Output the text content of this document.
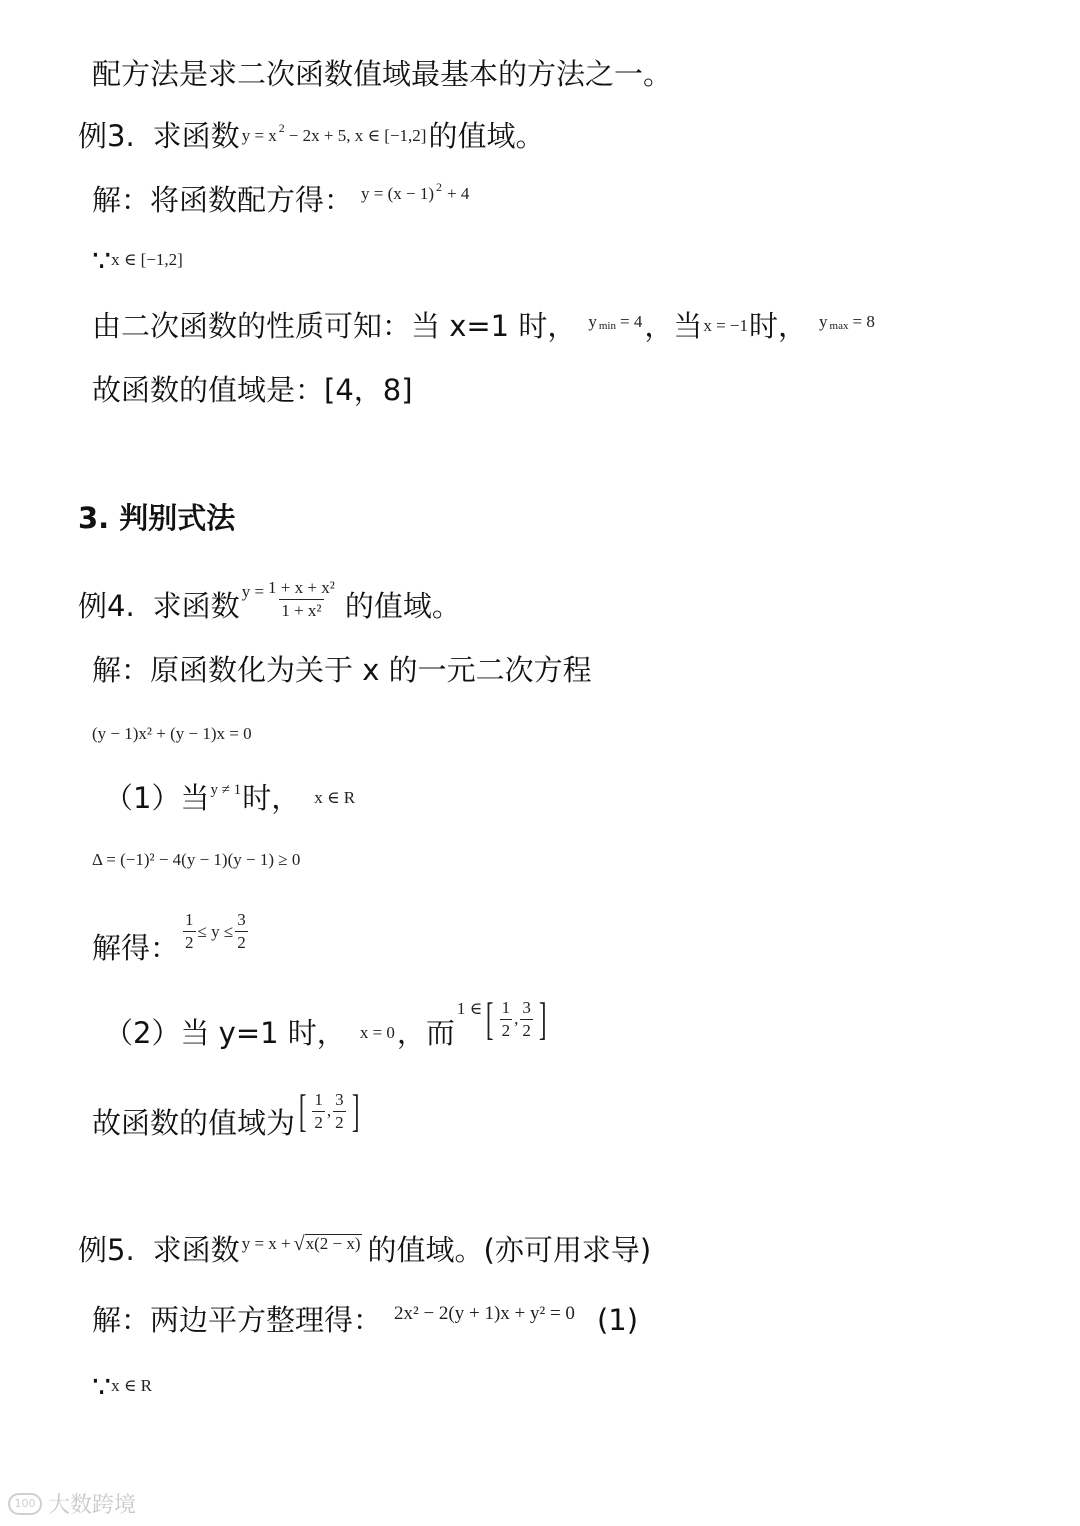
配方法是求二次函数值域最基本的方法之一。
例3. 求函数 y = x 2 − 2x + 5, x ∈ [−1,2] 的值域。
解：将函数配方得： y = (x − 1) 2 + 4
∵ x ∈ [−1,2]
由二次函数的性质可知：当 x=1 时， y min = 4 ，当 x = −1 时， y max = 8
故函数的值域是：[4，8]
3. 判别式法
例4. 求函数 $y = \frac{\text{1 + x + x²}}{\text{1 + x²}}$ 的值域。
解：原函数化为关于 x 的一元二次方程
(y − 1)x² + (y − 1)x = 0
（1）当 y ≠ 1 时， x ∈ R
Δ = (−1)² − 4(y − 1)(y − 1) ≥ 0
解得： $\frac{1}{2} \le y \le \frac{3}{2}$
（2）当 y=1 时， x = 0 ，而
1 ∈ [ $\frac{1}{2}$ , $\frac{3}{2}$ ]
故函数的值域为 [ $\frac{1}{2}$ , $\frac{3}{2}$ ]
例5. 求函数 y = x + √ x(2 − x) 的值域。(亦可用求导)
解：两边平方整理得： 2x² − 2(y + 1)x + y² = 0 (1)
∵ x ∈ R
100 大数跨境
